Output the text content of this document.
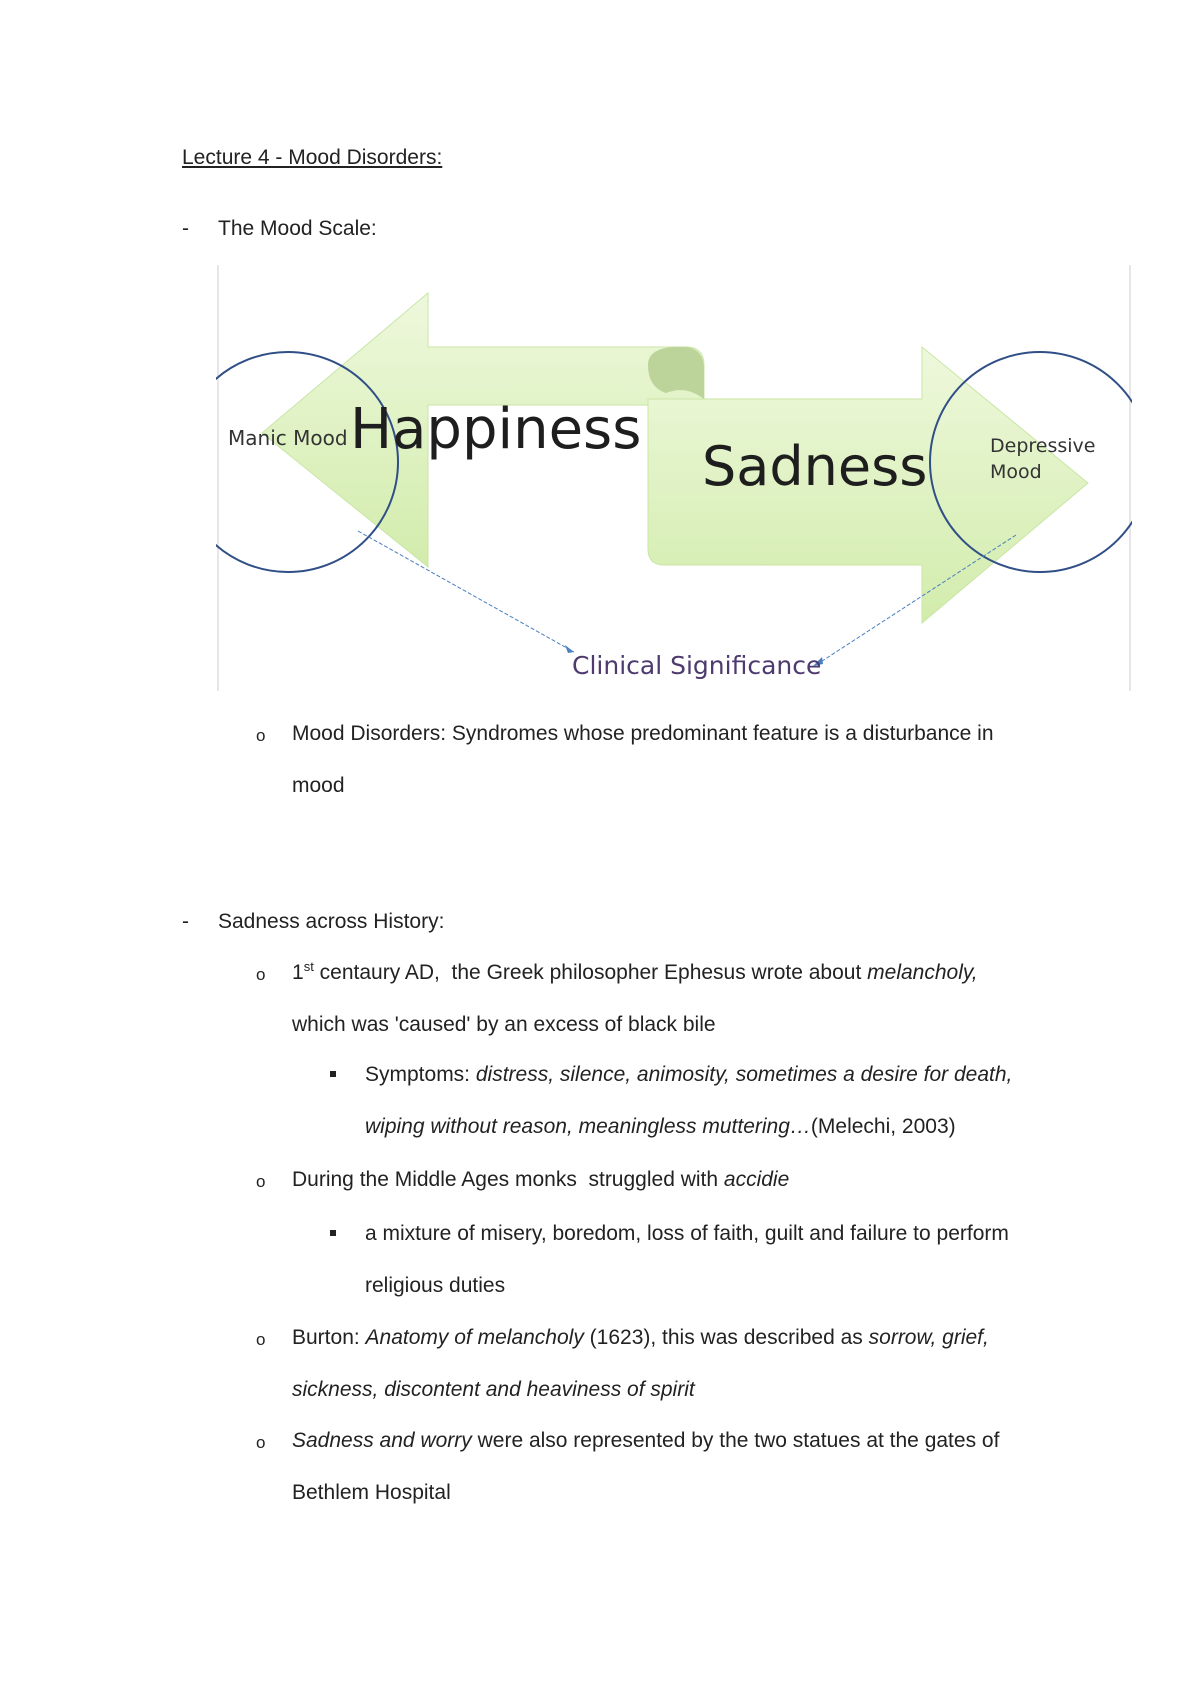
Lecture 4 - Mood Disorders:
- The Mood Scale:
Manic Mood Happiness
Sadness	Depressive
Mood
Clinical Significance
o Mood Disorders: Syndromes whose predominant feature is a disturbance in
mood
- Sadness across History:
o 1st centaury AD,  the Greek philosopher Ephesus wrote about melancholy,
which was 'caused' by an excess of black bile
Symptoms: distress, silence, animosity, sometimes a desire for death,
wiping without reason, meaningless muttering…(Melechi, 2003)
o During the Middle Ages monks  struggled with accidie
a mixture of misery, boredom, loss of faith, guilt and failure to perform
religious duties
o Burton: Anatomy of melancholy (1623), this was described as sorrow, grief,
sickness, discontent and heaviness of spirit
o Sadness and worry were also represented by the two statues at the gates of
Bethlem Hospital
